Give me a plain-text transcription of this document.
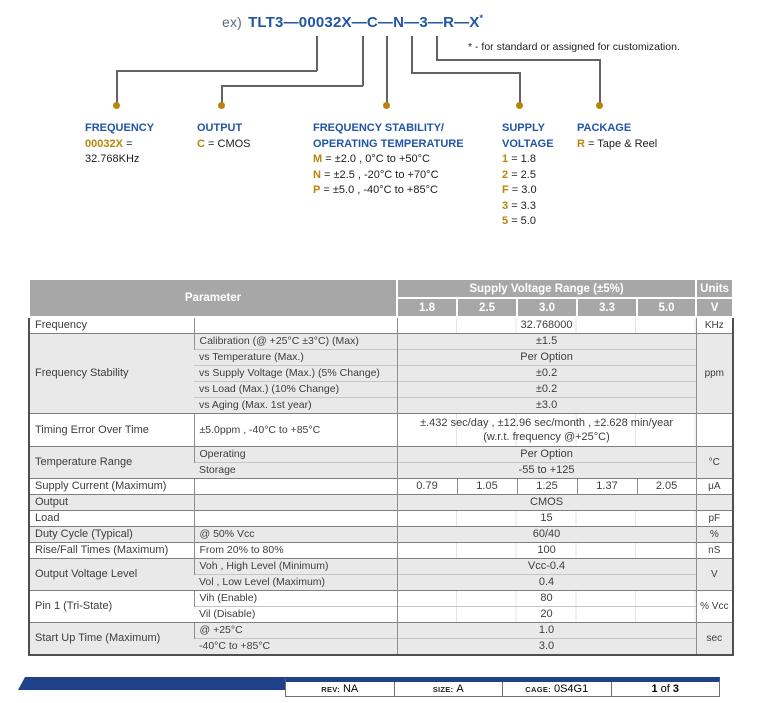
ex) TLT3—00032X—C—N—3—R—X*
* - for standard or assigned for customization.
FREQUENCY
00032X =
32.768KHz
OUTPUT
C = CMOS
FREQUENCY STABILITY/
OPERATING TEMPERATURE
M = ±2.0 , 0°C to +50°C
N = ±2.5 , -20°C to +70°C
P = ±5.0 , -40°C to +85°C
SUPPLY
VOLTAGE
1 = 1.8
2 = 2.5
F = 3.0
3 = 3.3
5 = 5.0
PACKAGE
R = Tape & Reel
Parameter		Supply Voltage Range (±5%)					Units
		1.8	2.5	3.0	3.3	5.0	V
Frequency		32.768000					KHz
Frequency Stability	Calibration (@ +25°C ±3°C) (Max)	±1.5					ppm
	vs Temperature (Max.)	Per Option					
	vs Supply Voltage (Max.) (5% Change)	±0.2					
	vs Load (Max.) (10% Change)	±0.2					
	vs Aging (Max. 1st year)	±3.0					
Timing Error Over Time	±5.0ppm , -40°C to +85°C	±.432 sec/day , ±12.96 sec/month , ±2.628 min/year
(w.r.t. frequency @+25°C)					

Temperature Range	Operating	Per Option					°C
	Storage	-55 to +125					
Supply Current (Maximum)		0.79	1.05	1.25	1.37	2.05	μA
Output		CMOS					
Load		15					pF
Duty Cycle (Typical)	@ 50% Vcc	60/40					%
Rise/Fall Times (Maximum)	From 20% to 80%	100					nS
Output Voltage Level	Voh , High Level (Minimum)	Vcc-0.4					V
	Vol , Low Level (Maximum)	0.4					
Pin 1 (Tri-State)	Vih (Enable)	80					% Vcc
	Vil (Disable)	20					
Start Up Time (Maximum)	@ +25°C	1.0					sec
	-40°C to +85°C	3.0					
REV: NA	SIZE: A	CAGE: 0S4G1	1 of 3
